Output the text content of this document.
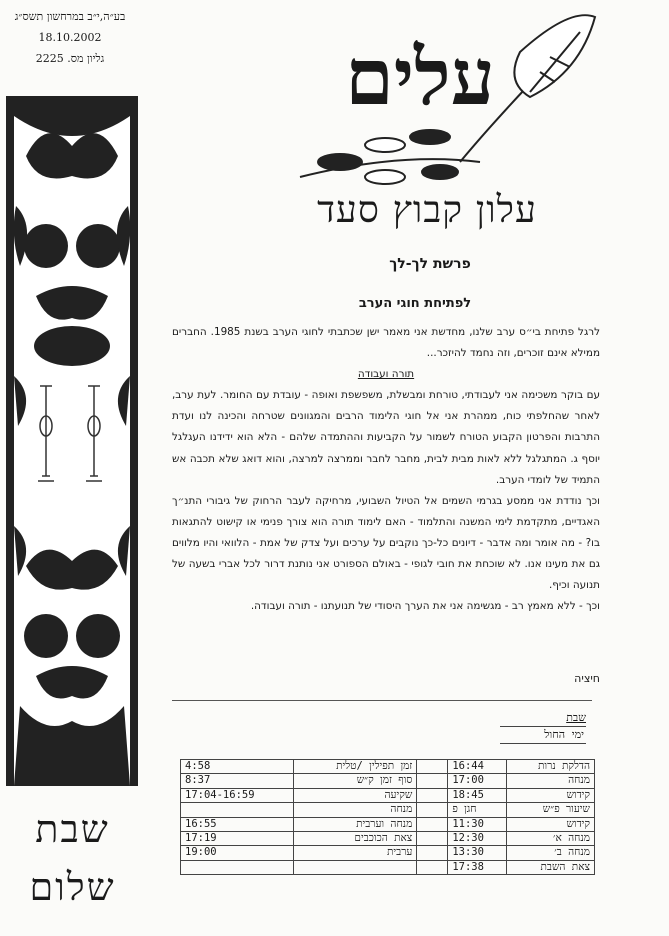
בע״ה,י״ב במרחשון תשס״ג
18.10.2002
גליון מס. 2225
שבת
שלום
עלים
עלון קבוץ סעד
פרשת לך-לך
לפתיחת חוגי הערב

לרגל פתיחת בי״ס ערב שלנו, מחדשת אני מאמר ישן שכתבתי לחוגי הערב בשנת 1985. החברים ממילא אינם זוכרים, וזה נחמד להיזכר...

תורה ועבודה

עם בוקר משכימה אני לעבודתי, טורחת ומבשלת, משפשפת ואופה - עובדת עם החומר. לעת ערב, לאחר שהחלפתי כוח, ממהרת אני אל חוגי הלימוד הרבים והמגוונים שטרחה והכינה לנו ועדת התרבות והפרטון הקבוע הטורח לשמור על הקביעות וההתמדה שלהם - הלא הוא ידידנו העגלגל יוסף ג. המתגלגל ללא לאות מבית לבית, מחבר לחבר וממרצה למרצה, והוא דואג שלא תכבה אש התמיד של לומדי הערב.

וכך נודדת אני ממסע בגרמי השמים אל הטיול השבועי, מרחיקה לעבר הרחוק של גיבורי התנ״ך האגדיים, מתקדמת לימי המשנה והתלמוד - האם לימוד תורה הוא צורך פנימי או קישוט להתגאות בו? - מה אומר ומה אדבר - דיונים כל-כך נוקבים על ערכים ועל צדק של אמת - הלוואי והיו מלווים גם את מעינו אנו. לא שוכחת את חובי לגופי - באולם הספורט אני נותנת דרור לכל אברי בשעה של תנועה וכיף.

וכך - ללא מאמץ רב - מגשימה אני את הערך היסודי של תנועתנו - תורה ועבודה.

חיציה
שבת
ימי החול
4:58	זמן תפילין /טלית		16:44	הדלקת נרות
8:37	סוף זמן ק״ש		17:00	מנחה
17:04-16:59	שקיעה		18:45	קידוש
	מנחה		חגן פ	שיעור פ״ש
16:55	מנחה וערבית		11:30	קידוש
17:19	צאת הכוכבים		12:30	מנחה א׳
19:00	ערבית		13:30	מנחה ב׳
			17:38	צאת השבת
